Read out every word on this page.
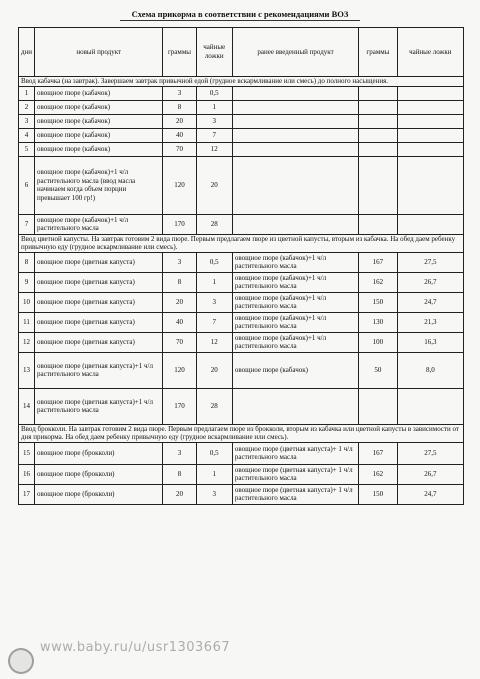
Схема прикорма в соответствии с рекомендациями ВОЗ
дни	новый продукт	граммы	чайные ложки	ранее введенный продукт	граммы	чайные ложки
Ввод кабачка (на завтрак). Завершаем завтрак привычной едой (грудное вскармливание или смесь) до полного насыщения.						
1	овощное пюре (кабачок)	3	0,5			
2	овощное пюре (кабачок)	8	1			
3	овощное пюре (кабачок)	20	3			
4	овощное пюре (кабачок)	40	7			
5	овощное пюре (кабачок)	70	12			
6	овощное пюре (кабачок)+1 ч/л растительного масла (ввод масла начинаем когда объем порции превышает 100 гр!)	120	20			
7	овощное пюре (кабачок)+1 ч/л растительного масла	170	28			
Ввод цветной капусты. На завтрак готовим 2 вида пюре. Первым предлагаем пюре из цветной капусты, вторым из кабачка. На обед даем ребенку привычную еду (грудное вскармливание или смесь).						
8	овощное пюре (цветная капуста)	3	0,5	овощное пюре (кабачок)+1 ч/л растительного масла	167	27,5
9	овощное пюре (цветная капуста)	8	1	овощное пюре (кабачок)+1 ч/л растительного масла	162	26,7
10	овощное пюре (цветная капуста)	20	3	овощное пюре (кабачок)+1 ч/л растительного масла	150	24,7
11	овощное пюре (цветная капуста)	40	7	овощное пюре (кабачок)+1 ч/л растительного масла	130	21,3
12	овощное пюре (цветная капуста)	70	12	овощное пюре (кабачок)+1 ч/л растительного масла	100	16,3
13	овощное пюре (цветная капуста)+1 ч/л растительного масла	120	20	овощное пюре (кабачок)	50	8,0
14	овощное пюре (цветная капуста)+1 ч/л растительного масла	170	28			
Ввод брокколи. На завтрак готовим 2 вида пюре. Первым предлагаем пюре из брокколи, вторым из кабачка или цветной капусты в зависимости от дня прикорма. На обед даем ребенку привычную еду (грудное вскармливание или смесь).						
15	овощное пюре (брокколи)	3	0,5	овощное пюре (цветная капуста)+ 1 ч/л растительного масла	167	27,5
16	овощное пюре (брокколи)	8	1	овощное пюре (цветная капуста)+ 1 ч/л растительного масла	162	26,7
17	овощное пюре (брокколи)	20	3	овощное пюре (цветная капуста)+ 1 ч/л растительного масла	150	24,7
www.baby.ru/u/usr1303667
